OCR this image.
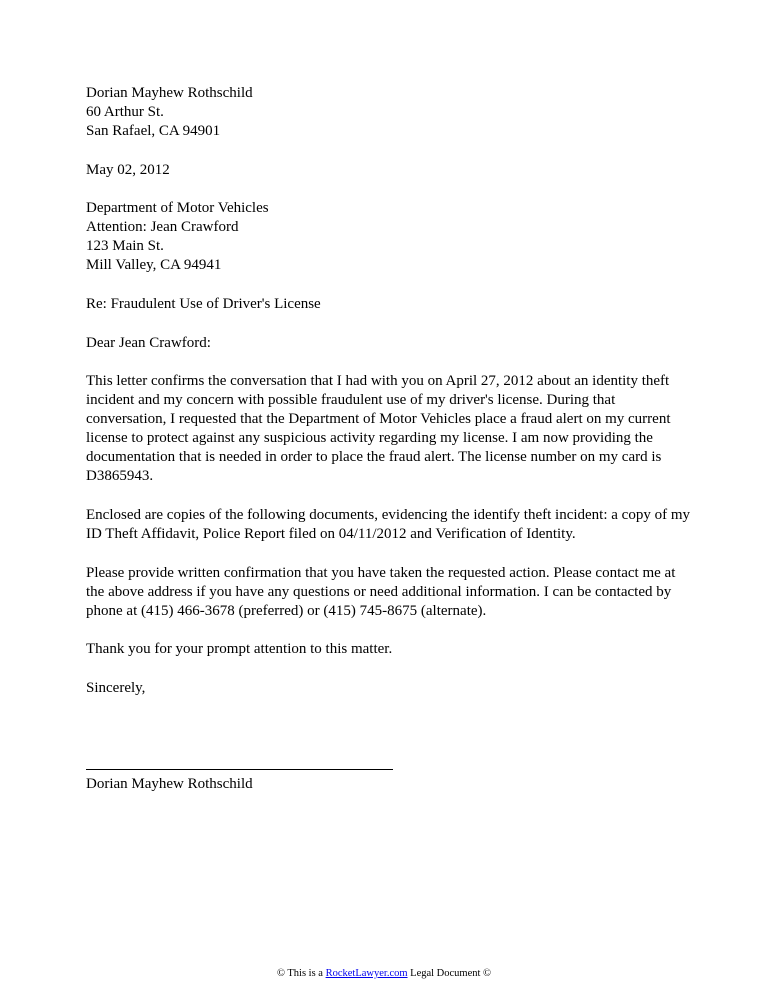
Dorian Mayhew Rothschild
60 Arthur St.
San Rafael, CA 94901
May 02, 2012
Department of Motor Vehicles
Attention: Jean Crawford
123 Main St.
Mill Valley, CA 94941
Re: Fraudulent Use of Driver's License
Dear Jean Crawford:
This letter confirms the conversation that I had with you on April 27, 2012 about an identity theft
incident and my concern with possible fraudulent use of my driver's license. During that
conversation, I requested that the Department of Motor Vehicles place a fraud alert on my current
license to protect against any suspicious activity regarding my license. I am now providing the
documentation that is needed in order to place the fraud alert. The license number on my card is
D3865943.
Enclosed are copies of the following documents, evidencing the identify theft incident: a copy of my
ID Theft Affidavit, Police Report filed on 04/11/2012 and Verification of Identity.
Please provide written confirmation that you have taken the requested action. Please contact me at
the above address if you have any questions or need additional information. I can be contacted by
phone at (415) 466-3678 (preferred) or (415) 745-8675 (alternate).
Thank you for your prompt attention to this matter.
Sincerely,
Dorian Mayhew Rothschild
© This is a RocketLawyer.com Legal Document ©
